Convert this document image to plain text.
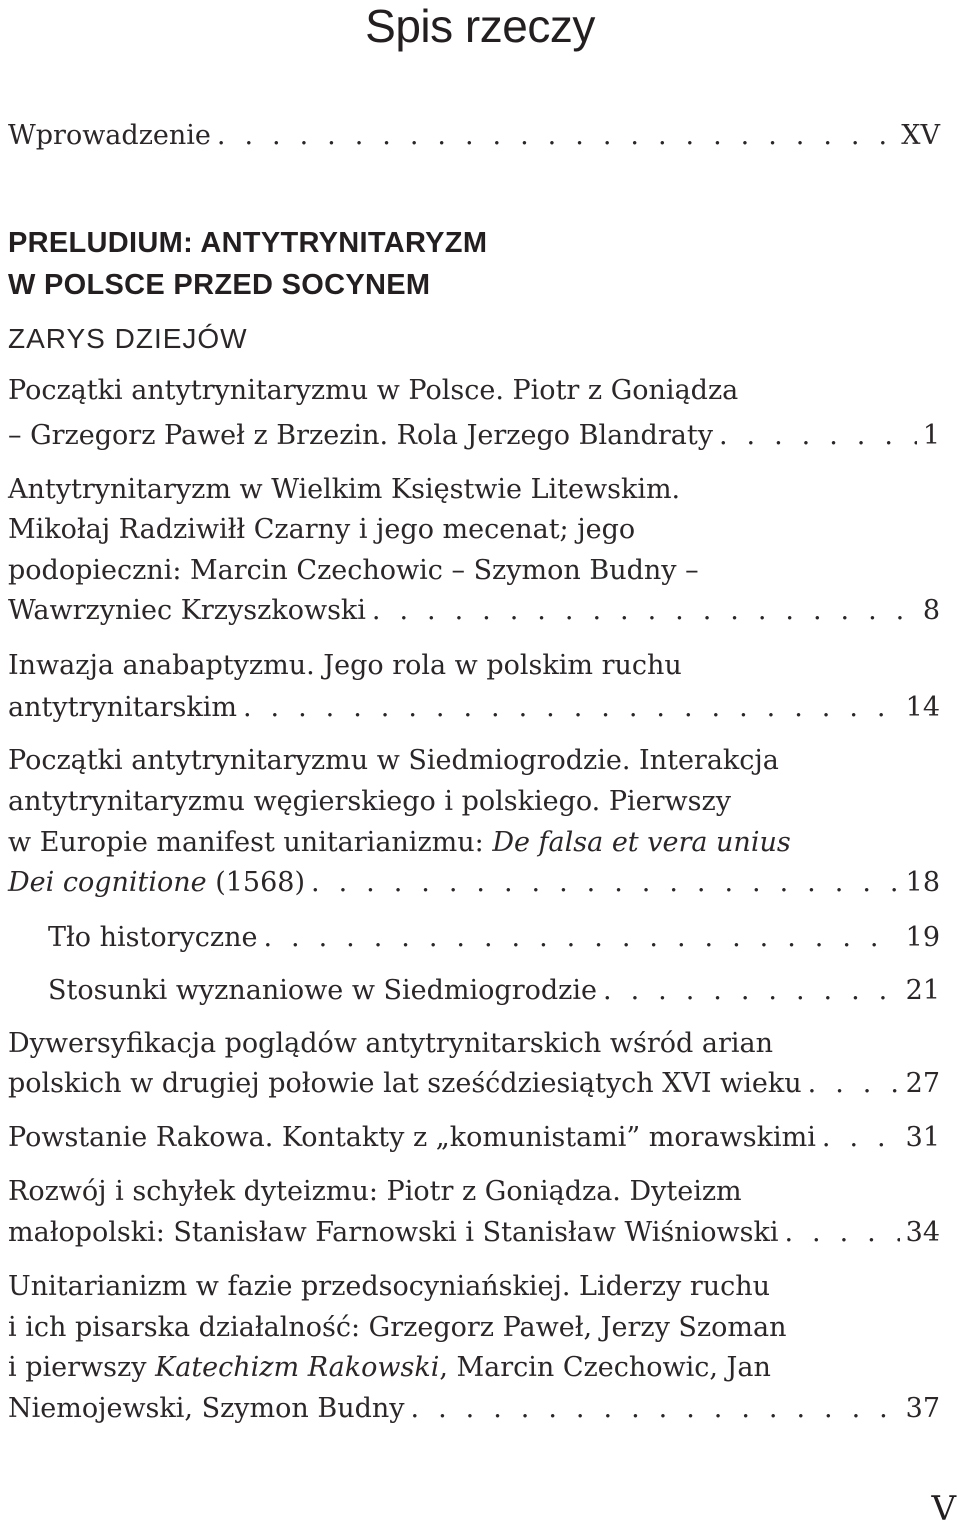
Spis rzeczy
Wprowadzenie . . .	XV
PRELUDIUM: ANTYTRYNITARYZM
W POLSCE PRZED SOCYNEM
ZARYS DZIEJÓW
Początki antytrynitaryzmu w Polsce. Piotr z Goniądza
– Grzegorz Paweł z Brzezin. Rola Jerzego Blandraty . . .	1
Antytrynitaryzm w Wielkim Księstwie Litewskim.
Mikołaj Radziwiłł Czarny i jego mecenat; jego
podopieczni: Marcin Czechowic – Szymon Budny –
Wawrzyniec Krzyszkowski . . .	8
Inwazja anabaptyzmu. Jego rola w polskim ruchu
antytrynitarskim . . .	14
Początki antytrynitaryzmu w Siedmiogrodzie. Interakcja
antytrynitaryzmu węgierskiego i polskiego. Pierwszy
w Europie manifest unitarianizmu: De falsa et vera unius
Dei cognitione (1568) . . .	18
Tło historyczne . . .	19
Stosunki wyznaniowe w Siedmiogrodzie . . .	21
Dywersyfikacja poglądów antytrynitarskich wśród arian
polskich w drugiej połowie lat sześćdziesiątych XVI wieku . . .	27
Powstanie Rakowa. Kontakty z „komunistami” morawskimi . . .	31
Rozwój i schyłek dyteizmu: Piotr z Goniądza. Dyteizm
małopolski: Stanisław Farnowski i Stanisław Wiśniowski . . .	34
Unitarianizm w fazie przedsocyniańskiej. Liderzy ruchu
i ich pisarska działalność: Grzegorz Paweł, Jerzy Szoman
i pierwszy Katechizm Rakowski, Marcin Czechowic, Jan
Niemojewski, Szymon Budny . . .	37
V
